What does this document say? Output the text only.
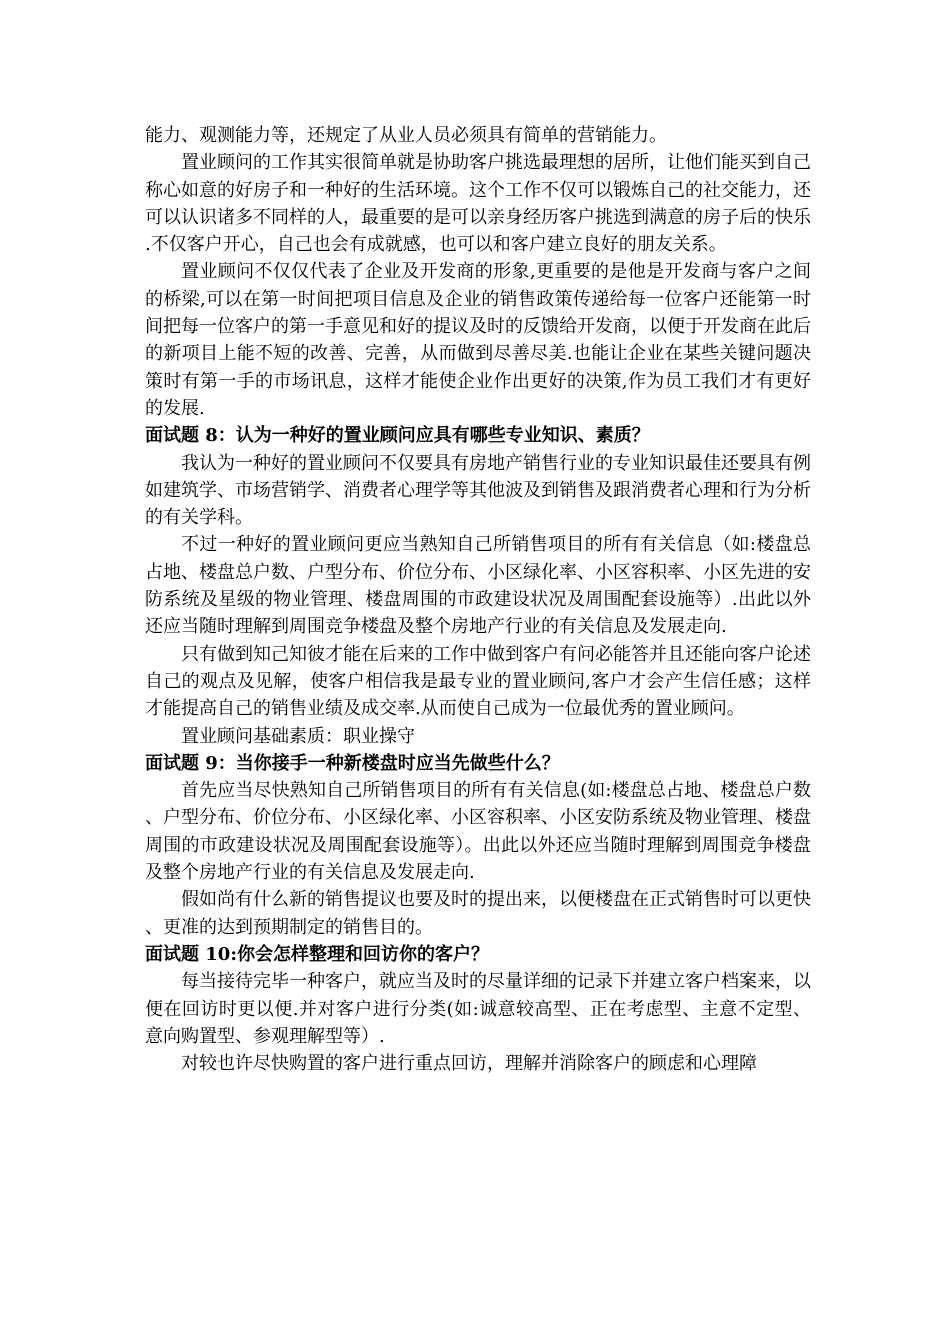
能力、观测能力等，还规定了从业人员必须具有简单的营销能力。

置业顾问的工作其实很简单就是协助客户挑选最理想的居所，让他们能买到自己称心如意的好房子和一种好的生活环境。这个工作不仅可以锻炼自己的社交能力，还可以认识诸多不同样的人，最重要的是可以亲身经历客户挑选到满意的房子后的快乐.不仅客户开心，自己也会有成就感，也可以和客户建立良好的朋友关系。

置业顾问不仅仅代表了企业及开发商的形象,更重要的是他是开发商与客户之间的桥梁,可以在第一时间把项目信息及企业的销售政策传递给每一位客户还能第一时间把每一位客户的第一手意见和好的提议及时的反馈给开发商，以便于开发商在此后的新项目上能不短的改善、完善，从而做到尽善尽美.也能让企业在某些关键问题决策时有第一手的市场讯息，这样才能使企业作出更好的决策,作为员工我们才有更好的发展.

面试题 8：认为一种好的置业顾问应具有哪些专业知识、素质？

我认为一种好的置业顾问不仅要具有房地产销售行业的专业知识最佳还要具有例如建筑学、市场营销学、消费者心理学等其他波及到销售及跟消费者心理和行为分析的有关学科。

不过一种好的置业顾问更应当熟知自己所销售项目的所有有关信息（如:楼盘总占地、楼盘总户数、户型分布、价位分布、小区绿化率、小区容积率、小区先进的安防系统及星级的物业管理、楼盘周围的市政建设状况及周围配套设施等）.出此以外还应当随时理解到周围竞争楼盘及整个房地产行业的有关信息及发展走向.

只有做到知己知彼才能在后来的工作中做到客户有问必能答并且还能向客户论述自己的观点及见解，使客户相信我是最专业的置业顾问,客户才会产生信任感；这样才能提高自己的销售业绩及成交率.从而使自己成为一位最优秀的置业顾问。

置业顾问基础素质：职业操守

面试题 9：当你接手一种新楼盘时应当先做些什么？

首先应当尽快熟知自己所销售项目的所有有关信息(如:楼盘总占地、楼盘总户数、户型分布、价位分布、小区绿化率、小区容积率、小区安防系统及物业管理、楼盘周围的市政建设状况及周围配套设施等）。出此以外还应当随时理解到周围竞争楼盘及整个房地产行业的有关信息及发展走向.

假如尚有什么新的销售提议也要及时的提出来，以便楼盘在正式销售时可以更快、更准的达到预期制定的销售目的。

面试题 10:你会怎样整理和回访你的客户？

每当接待完毕一种客户，就应当及时的尽量详细的记录下并建立客户档案来，以便在回访时更以便.并对客户进行分类(如:诚意较高型、正在考虑型、主意不定型、意向购置型、参观理解型等）.

对较也许尽快购置的客户进行重点回访，理解并消除客户的顾虑和心理障
